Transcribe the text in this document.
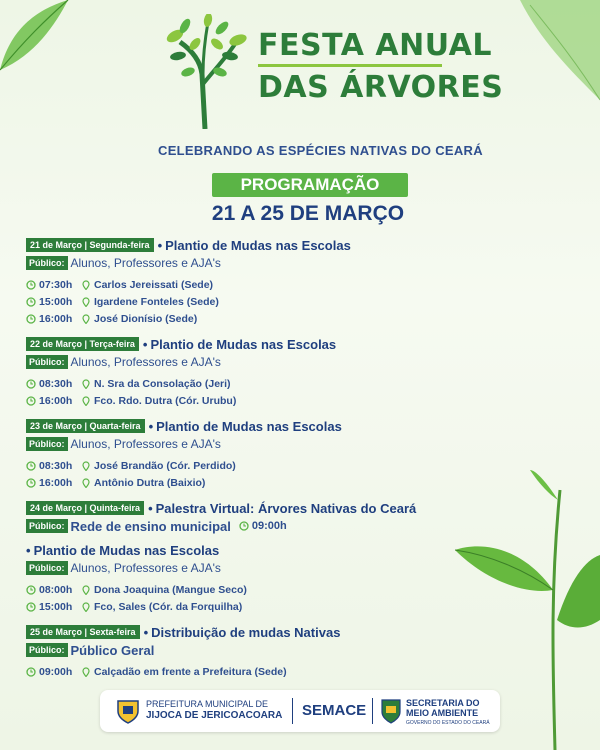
FESTA ANUAL
DAS ÁRVORES
CELEBRANDO AS ESPÉCIES NATIVAS DO CEARÁ
PROGRAMAÇÃO
21 A 25 DE MARÇO
21 de Março | Segunda-feira • Plantio de Mudas nas Escolas
Público: Alunos, Professores e AJA's
07:30h	Carlos Jereissati (Sede)
15:00h	Igardene Fonteles (Sede)
16:00h	José Dionísio (Sede)
22 de Março | Terça-feira • Plantio de Mudas nas Escolas
Público: Alunos, Professores e AJA's
08:30h	N. Sra da Consolação (Jeri)
16:00h	Fco. Rdo. Dutra (Cór. Urubu)
23 de Março | Quarta-feira • Plantio de Mudas nas Escolas
Público: Alunos, Professores e AJA's
08:30h	José Brandão (Cór. Perdido)
16:00h	Antônio Dutra (Baixio)
24 de Março | Quinta-feira • Palestra Virtual: Árvores Nativas do Ceará
Público: Rede de ensino municipal 09:00h
• Plantio de Mudas nas Escolas
Público: Alunos, Professores e AJA's
08:00h	Dona Joaquina (Mangue Seco)
15:00h	Fco, Sales (Cór. da Forquilha)
25 de Março | Sexta-feira • Distribuição de mudas Nativas
Público: Público Geral
09:00h	Calçadão em frente a Prefeitura (Sede)
PREFEITURA MUNICIPAL DE
JIJOCA DE JERICOACOARA SEMACE	SECRETARIA DO
MEIO AMBIENTE
GOVERNO DO ESTADO DO CEARÁ
